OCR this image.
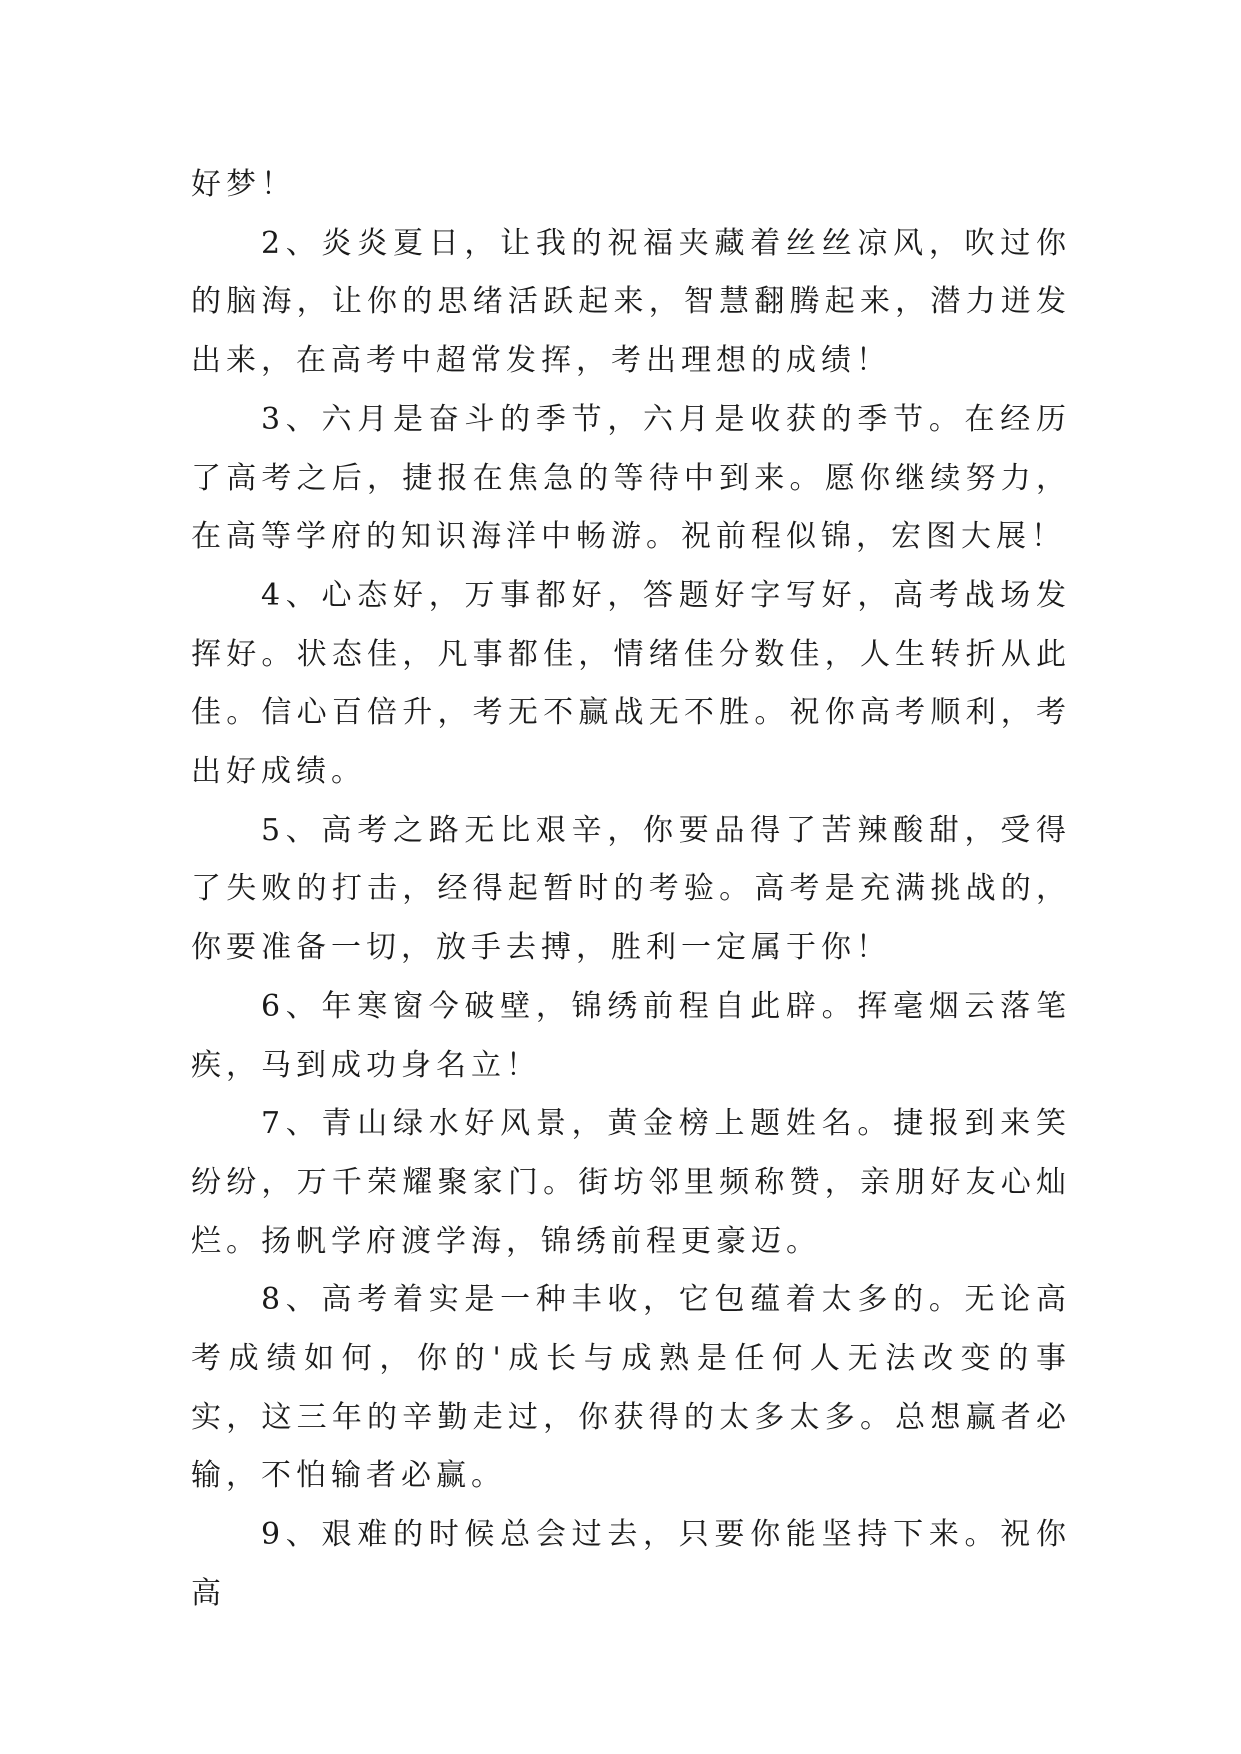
好梦！

2、炎炎夏日，让我的祝福夹藏着丝丝凉风，吹过你的脑海，让你的思绪活跃起来，智慧翻腾起来，潜力迸发出来，在高考中超常发挥，考出理想的成绩！

3、六月是奋斗的季节，六月是收获的季节。在经历了高考之后，捷报在焦急的等待中到来。愿你继续努力，在高等学府的知识海洋中畅游。祝前程似锦，宏图大展！

4、心态好，万事都好，答题好字写好，高考战场发挥好。状态佳，凡事都佳，情绪佳分数佳，人生转折从此佳。信心百倍升，考无不赢战无不胜。祝你高考顺利，考出好成绩。

5、高考之路无比艰辛，你要品得了苦辣酸甜，受得了失败的打击，经得起暂时的考验。高考是充满挑战的，你要准备一切，放手去搏，胜利一定属于你！

6、年寒窗今破壁，锦绣前程自此辟。挥毫烟云落笔疾，马到成功身名立！

7、青山绿水好风景，黄金榜上题姓名。捷报到来笑纷纷，万千荣耀聚家门。街坊邻里频称赞，亲朋好友心灿烂。扬帆学府渡学海，锦绣前程更豪迈。

8、高考着实是一种丰收，它包蕴着太多的。无论高考成绩如何，你的'成长与成熟是任何人无法改变的事实，这三年的辛勤走过，你获得的太多太多。总想赢者必输，不怕输者必赢。

9、艰难的时候总会过去，只要你能坚持下来。祝你高
